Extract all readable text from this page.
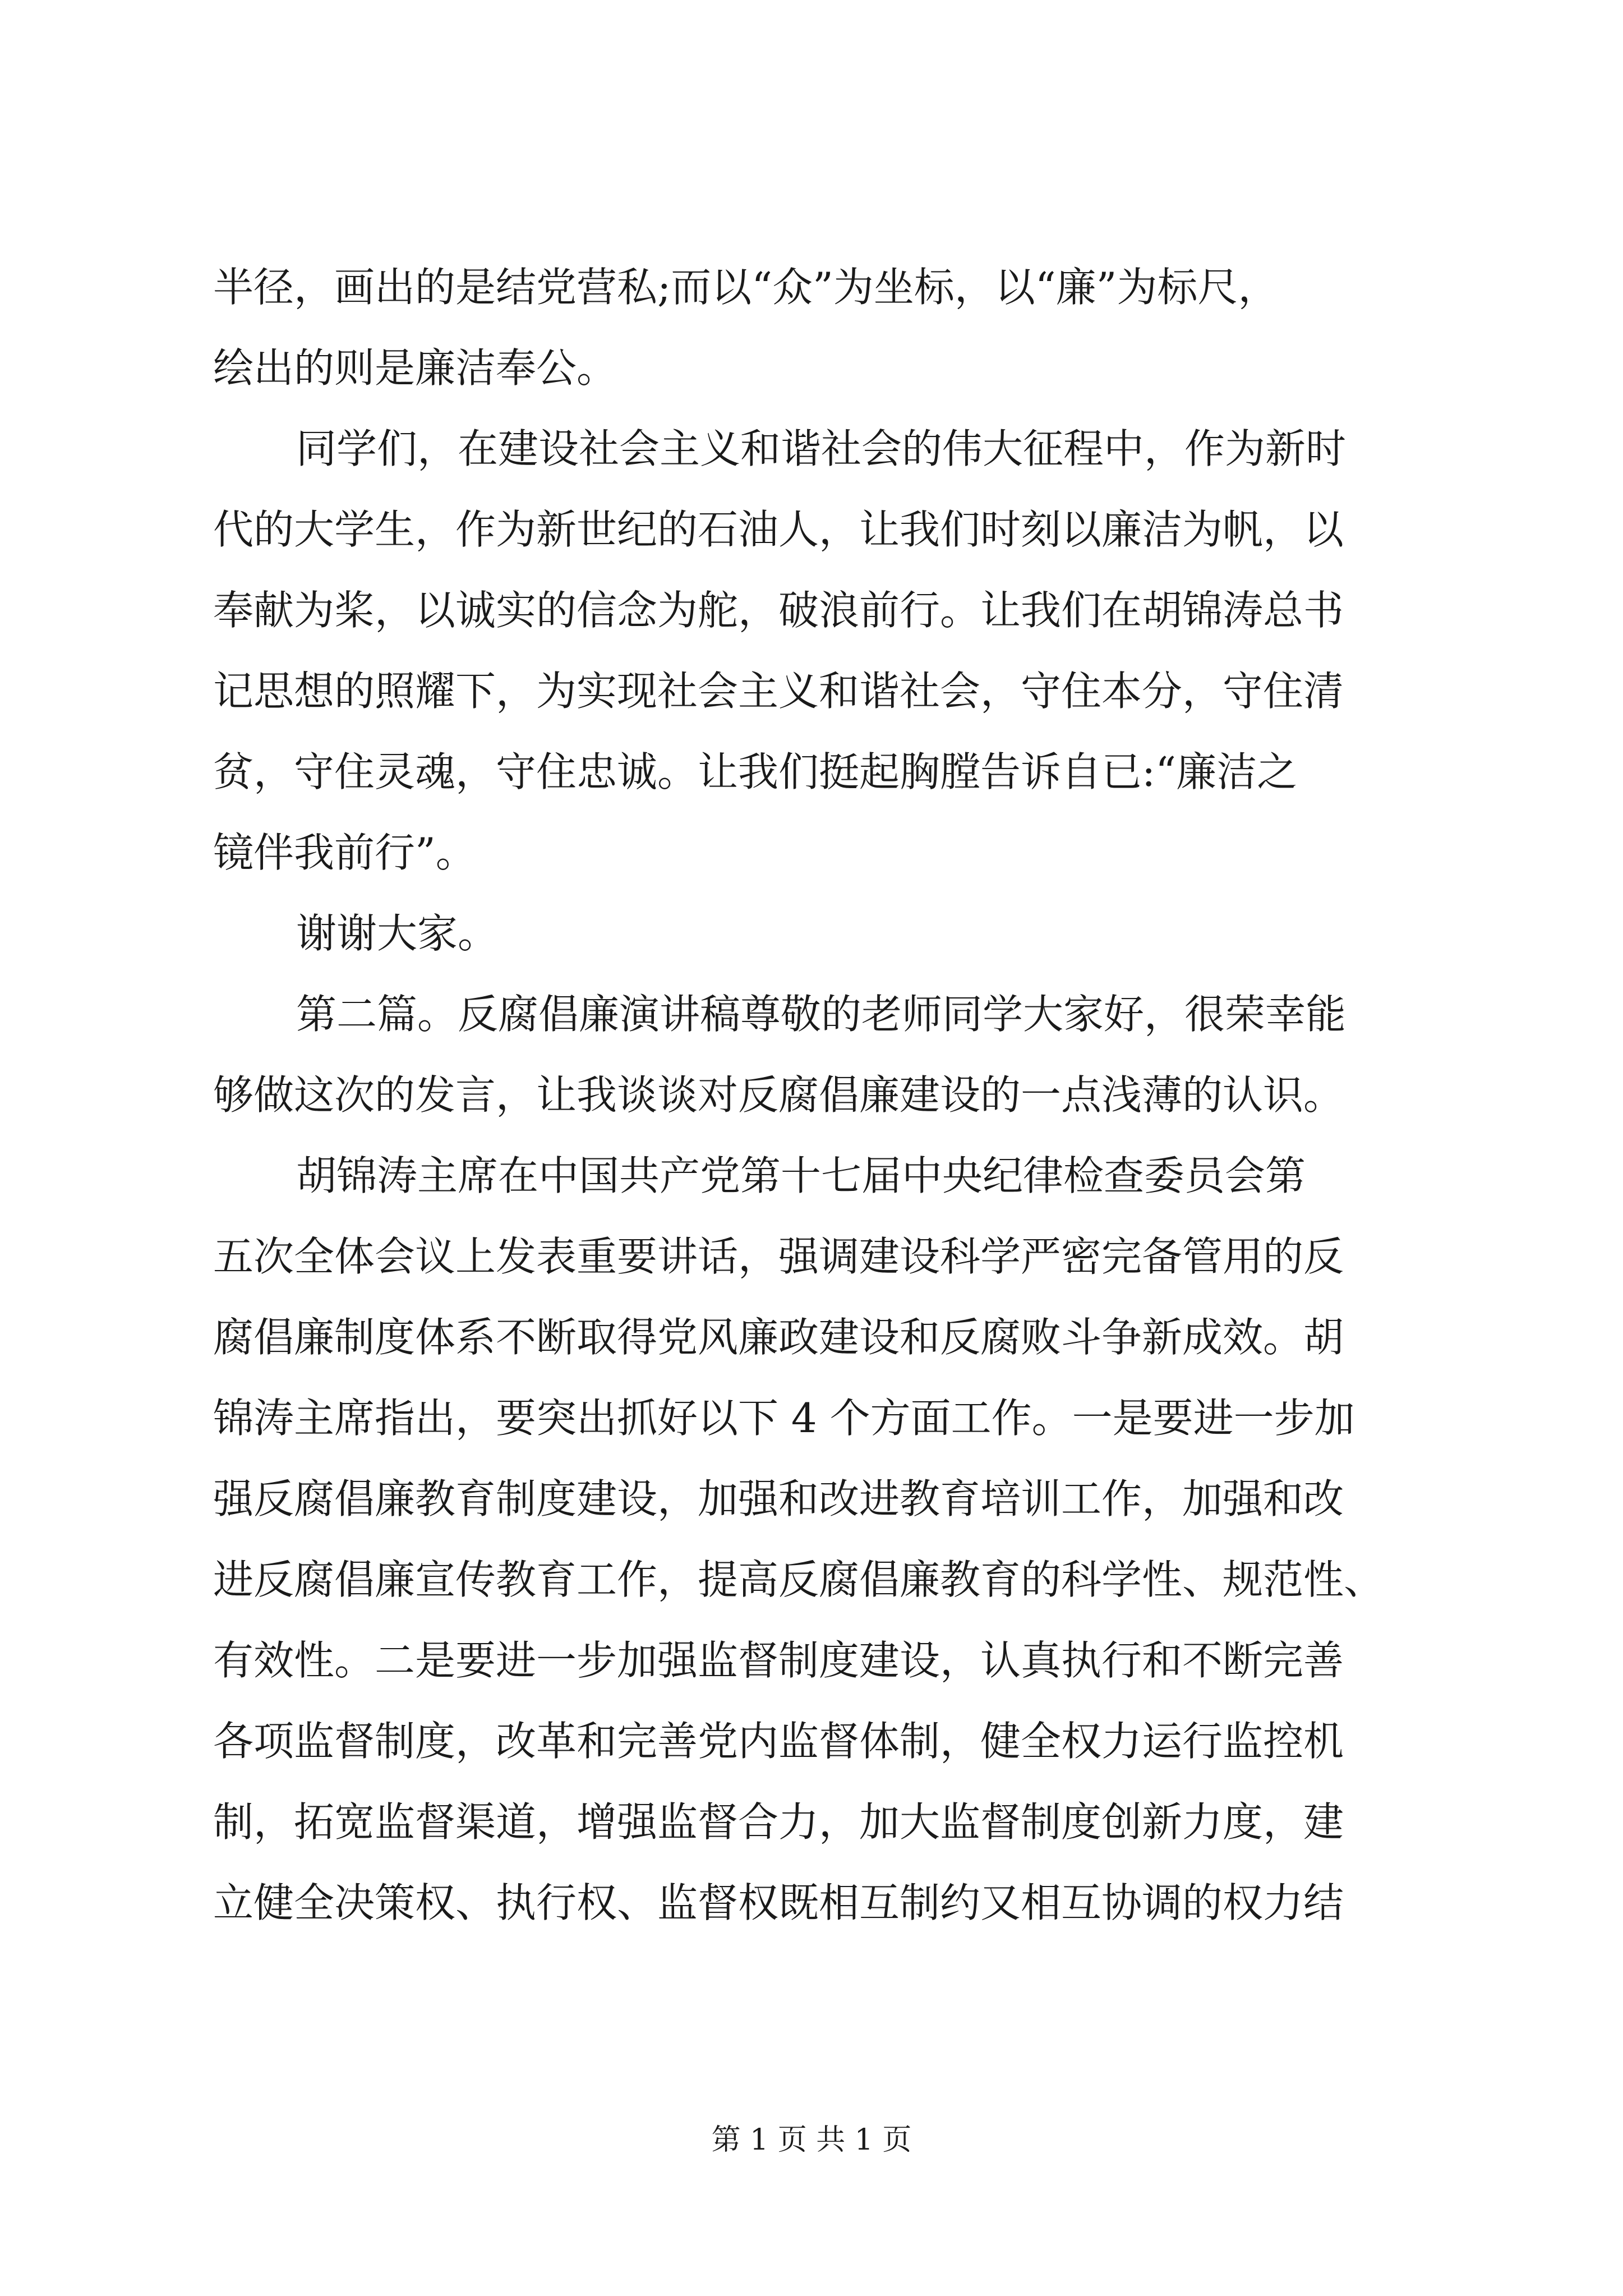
半径，画出的是结党营私;而以“众”为坐标，以“廉”为标尺，
绘出的则是廉洁奉公。
同学们，在建设社会主义和谐社会的伟大征程中，作为新时
代的大学生，作为新世纪的石油人，让我们时刻以廉洁为帆，以
奉献为桨，以诚实的信念为舵，破浪前行。让我们在胡锦涛总书
记思想的照耀下，为实现社会主义和谐社会，守住本分，守住清
贫，守住灵魂，守住忠诚。让我们挺起胸膛告诉自已:“廉洁之
镜伴我前行”。
谢谢大家。
第二篇。反腐倡廉演讲稿尊敬的老师同学大家好，很荣幸能
够做这次的发言，让我谈谈对反腐倡廉建设的一点浅薄的认识。
胡锦涛主席在中国共产党第十七届中央纪律检查委员会第
五次全体会议上发表重要讲话，强调建设科学严密完备管用的反
腐倡廉制度体系不断取得党风廉政建设和反腐败斗争新成效。胡
锦涛主席指出，要突出抓好以下 4 个方面工作。一是要进一步加
强反腐倡廉教育制度建设，加强和改进教育培训工作，加强和改
进反腐倡廉宣传教育工作，提高反腐倡廉教育的科学性、规范性、
有效性。二是要进一步加强监督制度建设，认真执行和不断完善
各项监督制度，改革和完善党内监督体制，健全权力运行监控机
制，拓宽监督渠道，增强监督合力，加大监督制度创新力度，建
立健全决策权、执行权、监督权既相互制约又相互协调的权力结
第 1 页 共 1 页
